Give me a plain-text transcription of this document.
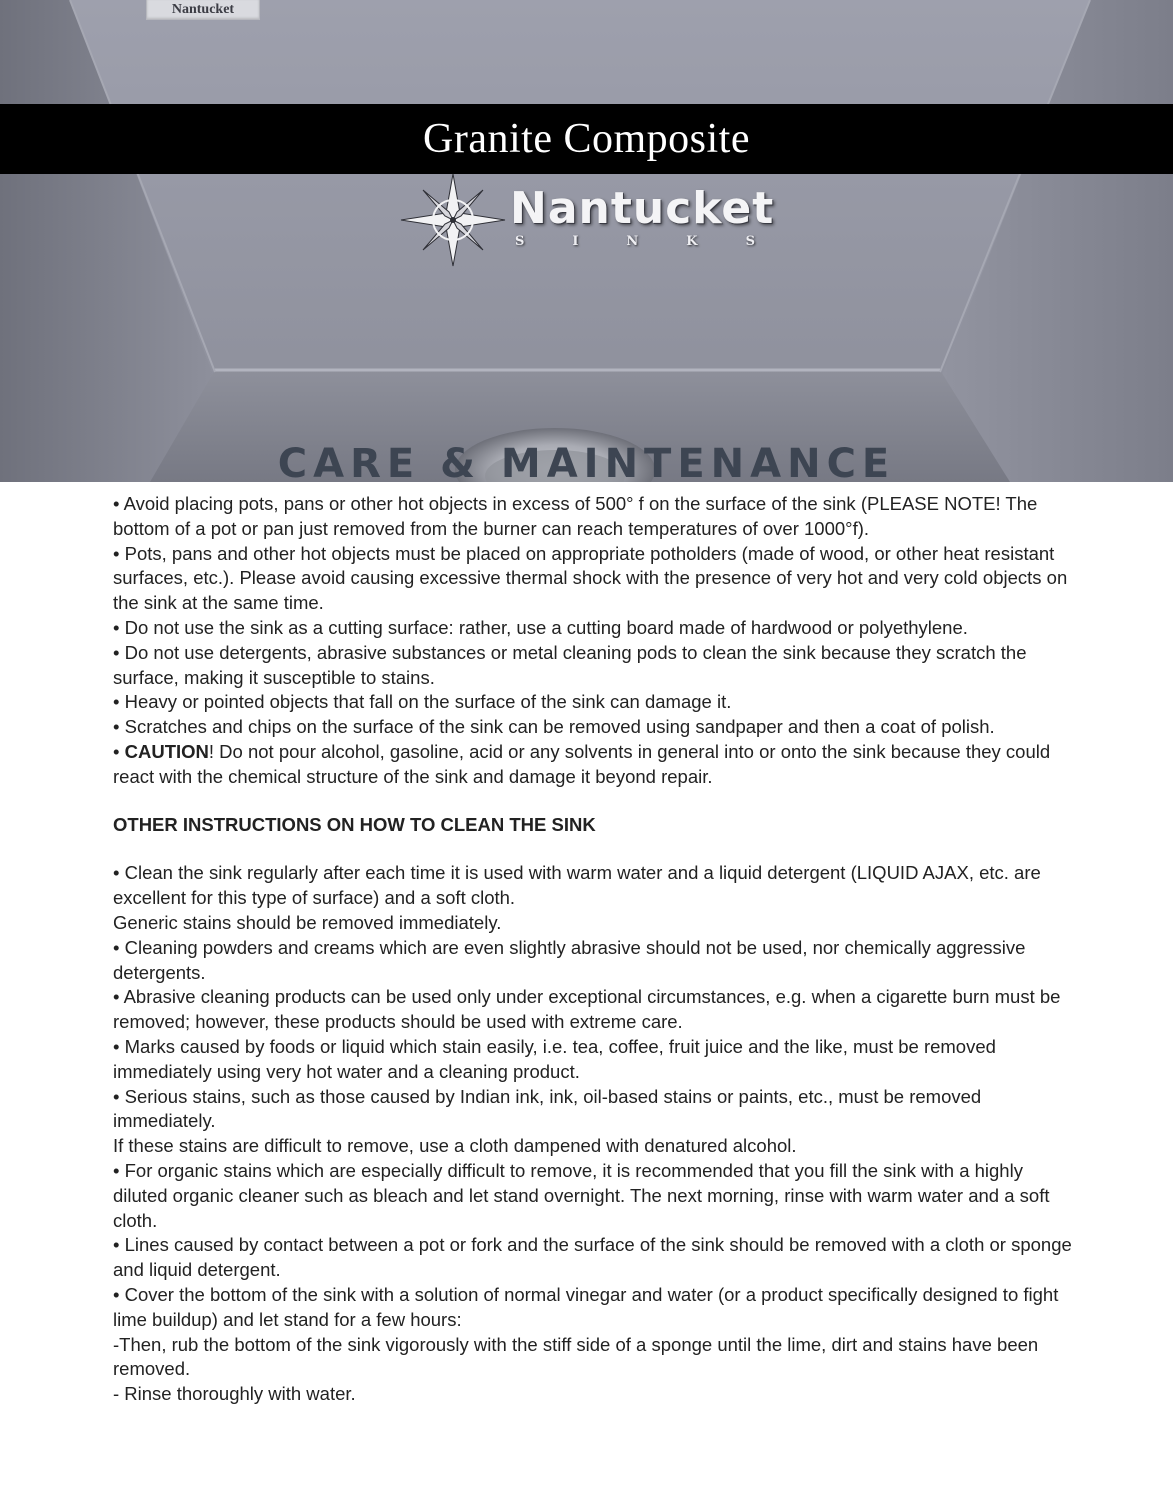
Nantucket
Granite Composite
Nantucket
S	I	N	K	S
CARE & MAINTENANCE

• Avoid placing pots, pans or other hot objects in excess of 500° f on the surface of the sink (PLEASE NOTE! The bottom of a pot or pan just removed from the burner can reach temperatures of over 1000°f).

• Pots, pans and other hot objects must be placed on appropriate potholders (made of wood, or other heat resistant surfaces, etc.). Please avoid causing excessive thermal shock with the presence of very hot and very cold objects on the sink at the same time.

• Do not use the sink as a cutting surface: rather, use a cutting board made of hardwood or polyethylene.

• Do not use detergents, abrasive substances or metal cleaning pods to clean the sink because they scratch the surface, making it susceptible to stains.

• Heavy or pointed objects that fall on the surface of the sink can damage it.

• Scratches and chips on the surface of the sink can be removed using sandpaper and then a coat of polish.

• CAUTION! Do not pour alcohol, gasoline, acid or any solvents in general into or onto the sink because they could react with the chemical structure of the sink and damage it beyond repair.

OTHER INSTRUCTIONS ON HOW TO CLEAN THE SINK

• Clean the sink regularly after each time it is used with warm water and a liquid detergent (LIQUID AJAX, etc. are excellent for this type of surface) and a soft cloth.

Generic stains should be removed immediately.

• Cleaning powders and creams which are even slightly abrasive should not be used, nor chemically aggressive detergents.

• Abrasive cleaning products can be used only under exceptional circumstances, e.g. when a cigarette burn must be removed; however, these products should be used with extreme care.

• Marks caused by foods or liquid which stain easily, i.e. tea, coffee, fruit juice and the like, must be removed immediately using very hot water and a cleaning product.

• Serious stains, such as those caused by Indian ink, ink, oil-based stains or paints, etc., must be removed immediately.

If these stains are difficult to remove, use a cloth dampened with denatured alcohol.

• For organic stains which are especially difficult to remove, it is recommended that you fill the sink with a highly diluted organic cleaner such as bleach and let stand overnight. The next morning, rinse with warm water and a soft cloth.

• Lines caused by contact between a pot or fork and the surface of the sink should be removed with a cloth or sponge and liquid detergent.

• Cover the bottom of the sink with a solution of normal vinegar and water (or a product specifically designed to fight lime buildup) and let stand for a few hours:

-Then, rub the bottom of the sink vigorously with the stiff side of a sponge until the lime, dirt and stains have been removed.

- Rinse thoroughly with water.
